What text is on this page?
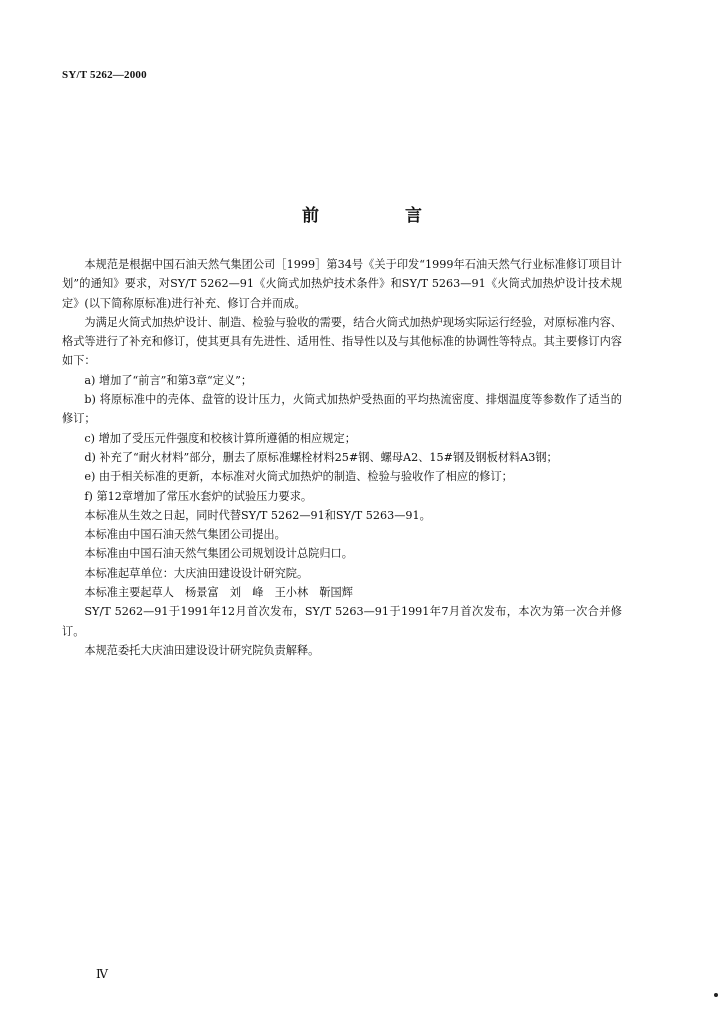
SY/T 5262—2000
前 言

本规范是根据中国石油天然气集团公司［1999］第34号《关于印发“1999年石油天然气行业标准修订项目计划”的通知》要求，对SY/T 5262—91《火筒式加热炉技术条件》和SY/T 5263—91《火筒式加热炉设计技术规定》(以下简称原标准)进行补充、修订合并而成。

为满足火筒式加热炉设计、制造、检验与验收的需要，结合火筒式加热炉现场实际运行经验，对原标准内容、格式等进行了补充和修订，使其更具有先进性、适用性、指导性以及与其他标准的协调性等特点。其主要修订内容如下：

a) 增加了“前言”和第3章“定义”；

b) 将原标准中的壳体、盘管的设计压力，火筒式加热炉受热面的平均热流密度、排烟温度等参数作了适当的修订；

c) 增加了受压元件强度和校核计算所遵循的相应规定；

d) 补充了“耐火材料”部分，删去了原标准螺栓材料25#钢、螺母A2、15#钢及钢板材料A3钢；

e) 由于相关标准的更新，本标准对火筒式加热炉的制造、检验与验收作了相应的修订；

f) 第12章增加了常压水套炉的试验压力要求。

本标准从生效之日起，同时代替SY/T 5262—91和SY/T 5263—91。

本标准由中国石油天然气集团公司提出。

本标准由中国石油天然气集团公司规划设计总院归口。

本标准起草单位：大庆油田建设设计研究院。

本标准主要起草人　杨景富　刘　峰　王小林　靳国辉

SY/T 5262—91于1991年12月首次发布，SY/T 5263—91于1991年7月首次发布，本次为第一次合并修订。

本规范委托大庆油田建设设计研究院负责解释。

Ⅳ
